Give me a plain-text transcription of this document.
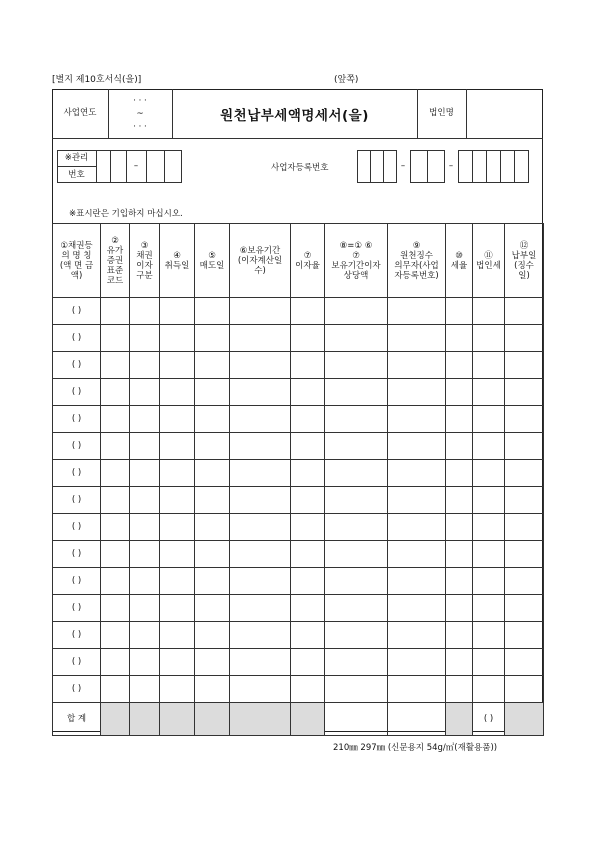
[별지 제10호서식(을)]	(앞쪽)
사업연도
· · ·
~
· · ·
원천납부세액명세서(을)	법인명
※관리
번호
–	사업자등록번호	–	–
※표시란은 기입하지 마십시오.
①채권등
의 명 칭
(액 면 금
액)	②
유가
증권
표준
코드	③
채권
이자
구분	④
취득일	⑤
매도일	⑥보유기간
(이자계산일
수)	⑦
이자율	⑧=① ⑥
⑦
보유기간이자
상당액	⑨
원천징수
의무자(사업
자등록번호)	⑩
세율	⑪
법인세	⑫
납부일
(징수
일)
( )											
( )											
( )											
( )											
( )											
( )											
( )											
( )											
( )											
( )											
( )											
( )											
( )											
( )											
( )											
합 계										( )	
210㎜ 297㎜ (신문용지 54g/㎡(재활용품))
